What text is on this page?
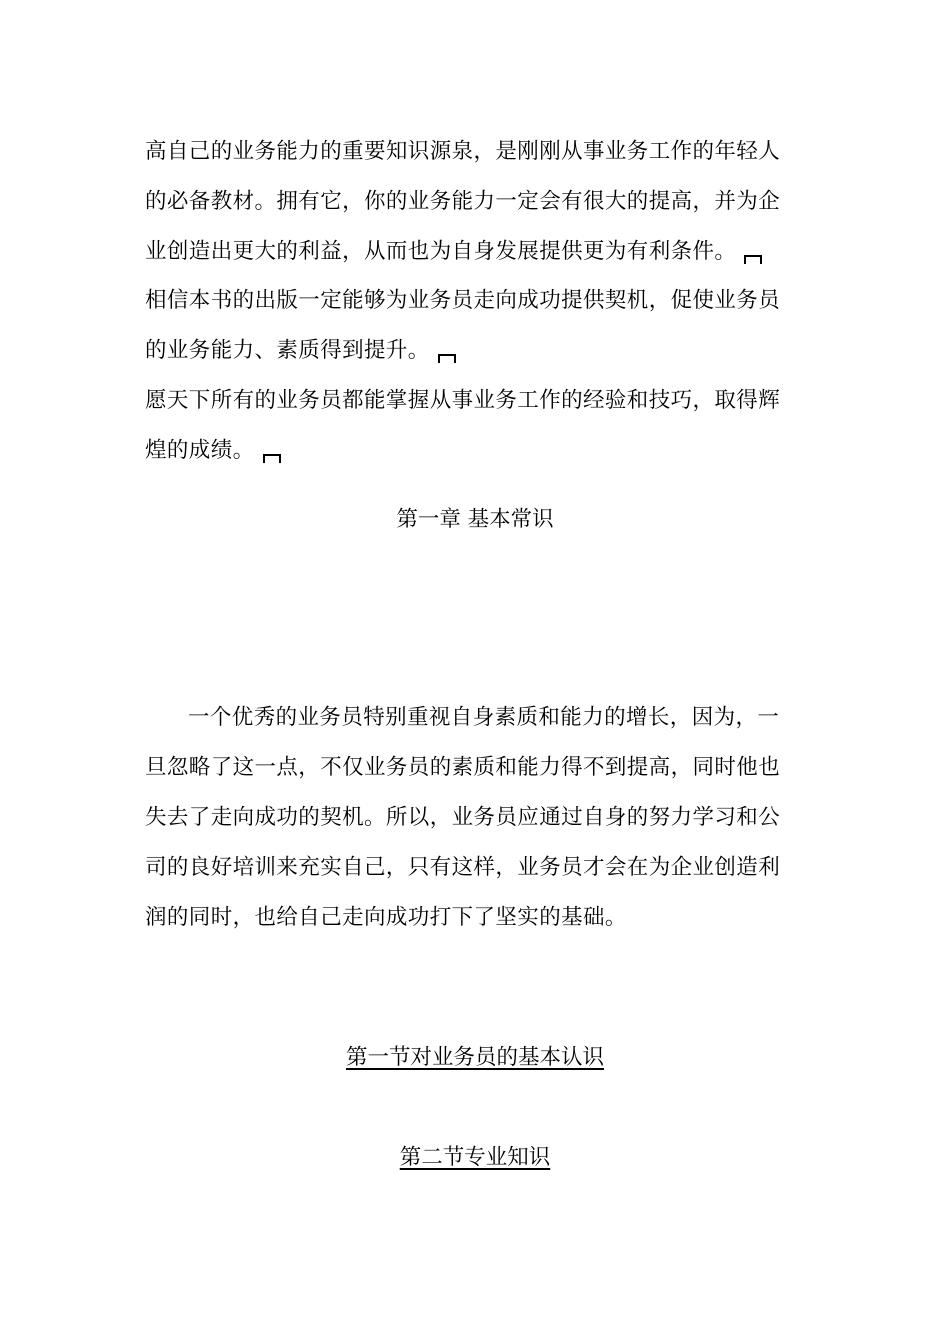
高自己的业务能力的重要知识源泉，是刚刚从事业务工作的年轻人
的必备教材。拥有它，你的业务能力一定会有很大的提高，并为企
业创造出更大的利益，从而也为自身发展提供更为有利条件。

相信本书的出版一定能够为业务员走向成功提供契机，促使业务员
的业务能力、素质得到提升。

愿天下所有的业务员都能掌握从事业务工作的经验和技巧，取得辉
煌的成绩。

第一章 基本常识

一个优秀的业务员特别重视自身素质和能力的增长，因为，一
旦忽略了这一点，不仅业务员的素质和能力得不到提高，同时他也
失去了走向成功的契机。所以，业务员应通过自身的努力学习和公
司的良好培训来充实自己，只有这样，业务员才会在为企业创造利
润的同时，也给自己走向成功打下了坚实的基础。

第一节对业务员的基本认识
第二节专业知识
